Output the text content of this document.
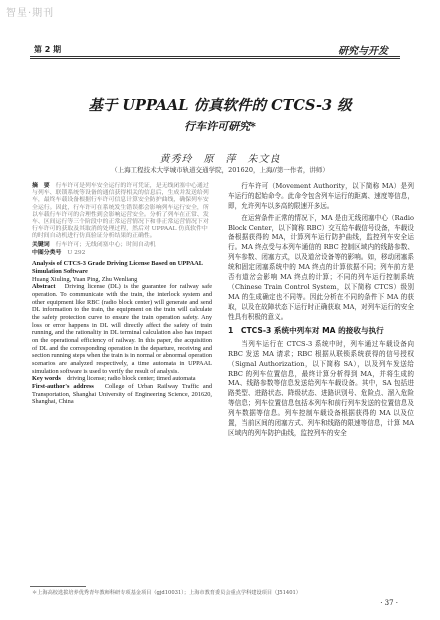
智星·期刊
第 2 期	研究与开发
基于 UPPAAL 仿真软件的 CTCS-3 级
行车许可研究*
黄秀玲　原　萍　朱文良
（上海工程技术大学城市轨道交通学院，201620，上海//第一作者，讲师）

摘　要　 行车许可是列车安全运行的许可凭证，是无线闭塞中心通过与列车、联锁系统等设备的通信获得相关的信息后，生成并发送给列车，最终车载设备根据行车许可信息计算安全防护曲线，确保列车安全运行。因此，行车许可在系统发生错误都会影响列车运行安全，所以车载行车许可的合理性到会影响运营安全。分析了列车在正常、发车、区间运行等三个阶段中的正常运营情况下和非正常运营情况下对行车许可的获取及其取消的处理过程，然后对 UPPAAL 仿真软件中的时间自动机进行仿真验证分析结果的正确性。

关键词　 行车许可；无线闭塞中心；时间自动机

中图分类号　 U 292

Analysis of CTCS-3 Grade Driving License Based on UPPAAL Simulation Software

Huang Xiuling, Yuan Ping, Zhu Wenliang

Abstract　 Driving license (DL) is the guarantee for railway safe operation. To communicate with the train, the interlock system and other equipment like RBC (radio block center) will generate and send DL information to the train, the equipment on the train will calculate the safety protection curve to ensure the train operation safety. Any loss or error happens in DL will directly affect the safety of train running, and the rationality in DL terminal calculation also has impact on the operational efficiency of railway. In this paper, the acquisition of DL and the corresponding operation in the departure, receiving and section running steps when the train is in normal or abnormal operation scenarios are analyzed respectively, a time automata in UPPAAL simulation software is used to verify the result of analysis.

Key words　 driving license; radio block center; timed automata

First-author's address　 College of Urban Railway Traffic and Transportation, Shanghai University of Engineering Science, 201620, Shanghai, China

行车许可（Movement Authority，以下简称 MA）是列车运行的起始命令。此命令包含列车运行的距离、速度等信息，即，允许列车以多高的限速开多远。

在运营条件正常的情况下，MA 是由无线闭塞中心（Radio Block Center，以下简称 RBC）交互给车载信号设备，车载设备根据获得的 MA，计算列车运行防护曲线，监控列车安全运行。MA 终点受与本列车通信的 RBC 控制区域内的线路参数、列车参数、闭塞方式，以及道岔设备等的影响。如，移动闭塞系统和固定闭塞系统中的 MA 终点的计算依据不同；列车前方是否有道岔会影响 MA 终点的计算；不同的列车运行控制系统（Chinese Train Control System，以下简称 CTCS）级别 MA 的生成确定也不同等。因此分析在不同的条件下 MA 的获取，以及在故障状态下运行时正确获取 MA，对列车运行的安全性具有积极的意义。

1　CTCS-3 系统中列车对 MA 的接收与执行

当列车运行在 CTCS-3 系统中时，列车通过车载设备向 RBC 发送 MA 请求；RBC 根据从联锁系统获得的信号授权（Signal Authorization，以下简称 SA），以及列车发送给 RBC 的列车位置信息，最终计算分析得到 MA，并将生成的 MA、线路参数等信息发送给列车车载设备。其中，SA 包括进路类型、进路状态、降级状态、进路识别号、危险点、溜入危险等信息；列车位置信息包括本列车和前行列车发送的位置信息及列车数据等信息。列车控制车载设备根据获得的 MA 以及位置，当前区间的闭塞方式、列车和线路的限速等信息，计算 MA 区域内的列车防护曲线，监控列车的安全

＊上海高校选拔培养优秀青年教师科研专项基金项目（gjd10031）；上海市教育委员会重点学科建设项目（J51401）
· 37 ·
